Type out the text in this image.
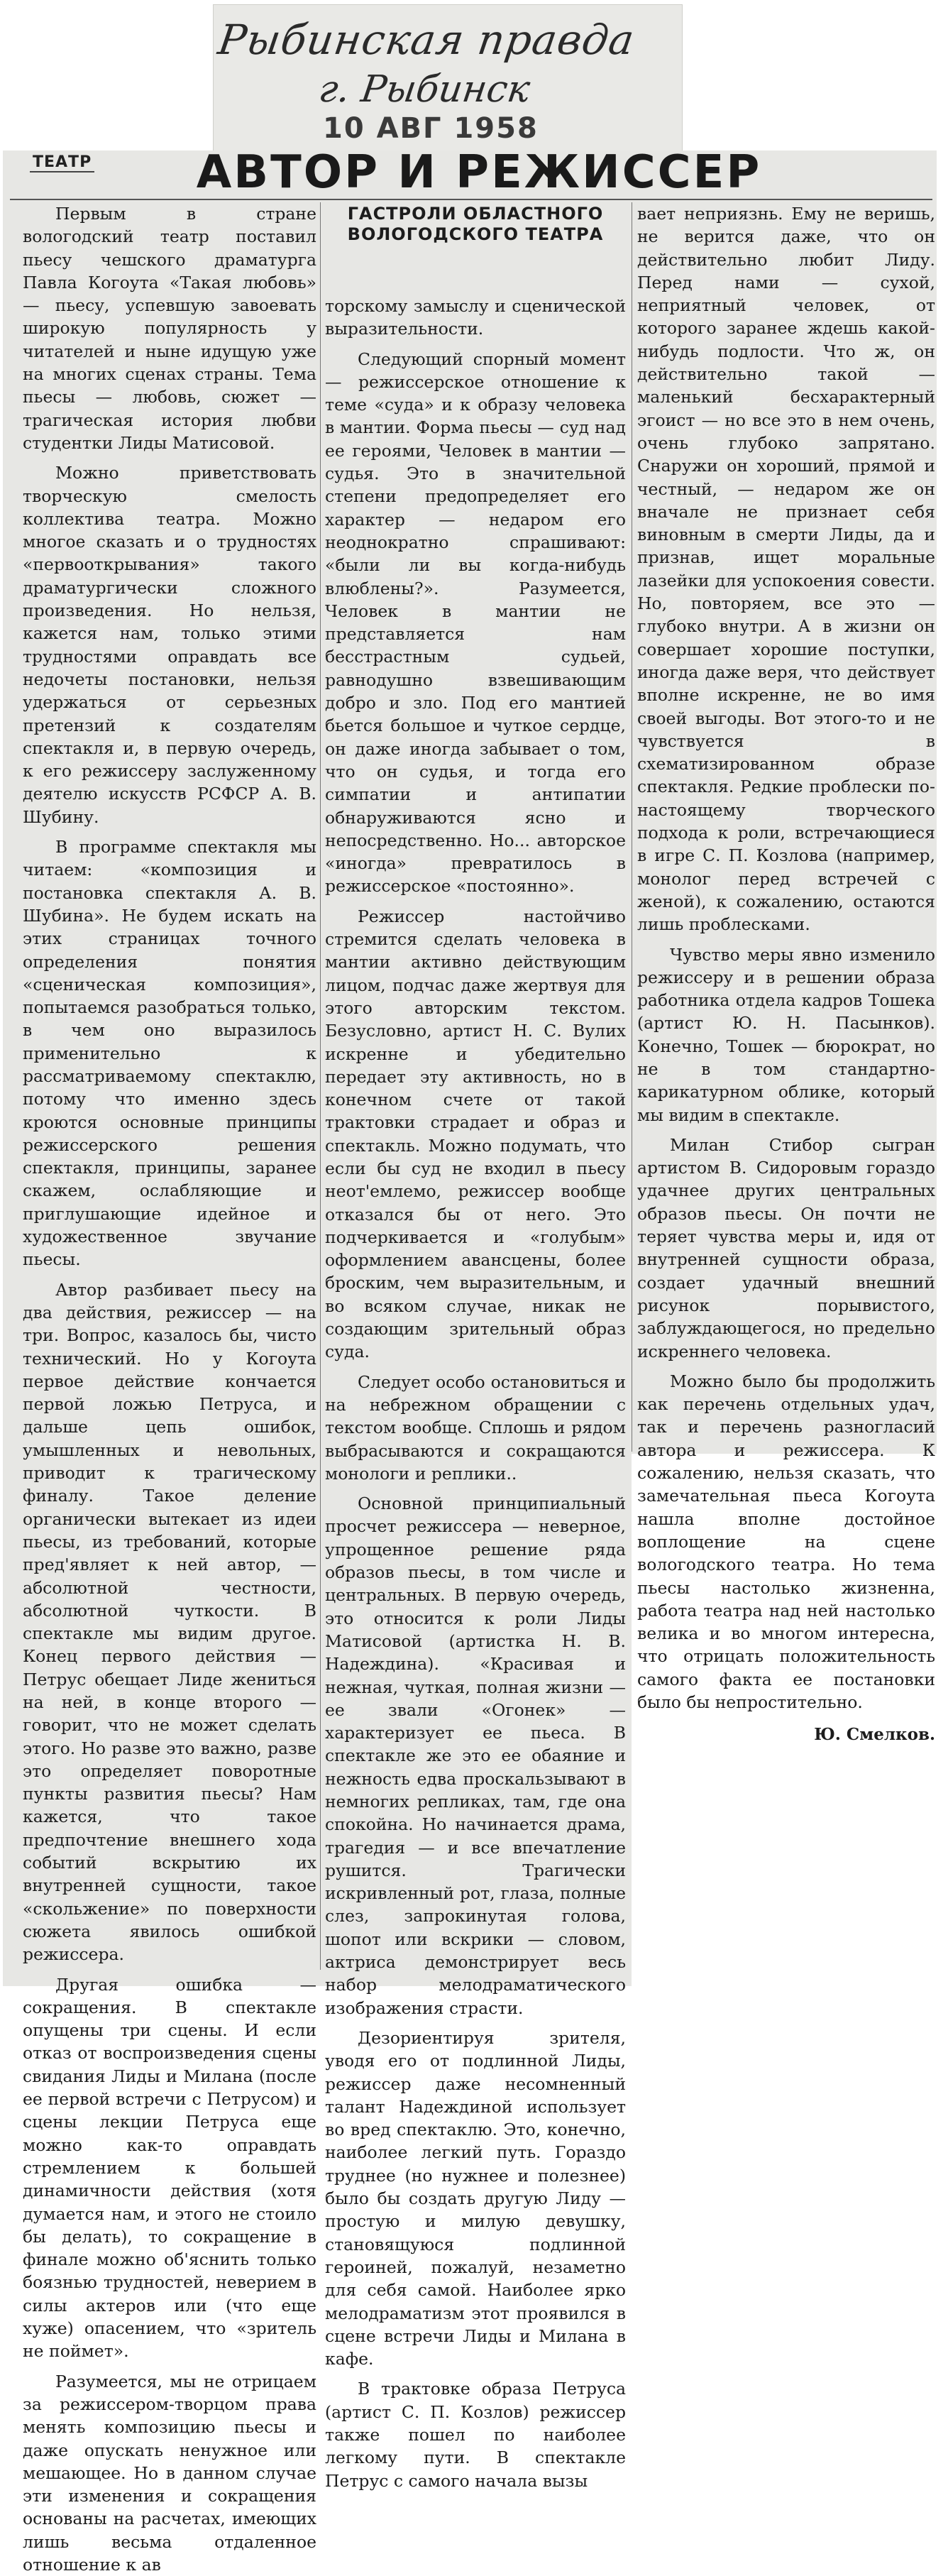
Рыбинская правда
г. Рыбинск
10 АВГ 1958
ТЕАТР АВТОР И РЕЖИССЕР

Первым в стране вологодский театр поставил пьесу чешского драматурга Павла Когоута «Такая любовь» — пьесу, успевшую завоевать широкую популярность у читателей и ныне идущую уже на многих сценах страны. Тема пьесы — любовь, сюжет — трагическая история любви студентки Лиды Матисовой.

Можно приветствовать творческую смелость коллектива театра. Можно многое сказать и о трудностях «первооткрывания» такого драматургически сложного произведения. Но нельзя, кажется нам, только этими трудностями оправдать все недочеты постановки, нельзя удержаться от серьезных претензий к создателям спектакля и, в первую очередь, к его режиссеру заслуженному деятелю искусств РСФСР А. В. Шубину.

В программе спектакля мы читаем: «композиция и постановка спектакля А. В. Шубина». Не будем искать на этих страницах точного определения понятия «сценическая композиция», попытаемся разобраться только, в чем оно выразилось применительно к рассматриваемому спектаклю, потому что именно здесь кроются основные принципы режиссерского решения спектакля, принципы, заранее скажем, ослабляющие и приглушающие идейное и художественное звучание пьесы.

Автор разбивает пьесу на два действия, режиссер — на три. Вопрос, казалось бы, чисто технический. Но у Когоута первое действие кончается первой ложью Петруса, и дальше цепь ошибок, умышленных и невольных, приводит к трагическому финалу. Такое деление органически вытекает из идеи пьесы, из требований, которые пред'являет к ней автор, — абсолютной честности, абсолютной чуткости. В спектакле мы видим другое. Конец первого действия — Петрус обещает Лиде жениться на ней, в конце второго — говорит, что не может сделать этого. Но разве это важно, разве это определяет поворотные пункты развития пьесы? Нам кажется, что такое предпочтение внешнего хода событий вскрытию их внутренней сущности, такое «скольжение» по поверхности сюжета явилось ошибкой режиссера.

Другая ошибка — сокращения. В спектакле опущены три сцены. И если отказ от воспроизведения сцены свидания Лиды и Милана (после ее первой встречи с Петрусом) и сцены лекции Петруса еще можно как-то оправдать стремлением к большей динамичности действия (хотя думается нам, и этого не стоило бы делать), то сокращение в финале можно об'яснить только боязнью трудностей, неверием в силы актеров или (что еще хуже) опасением, что «зритель не поймет».

Разумеется, мы не отрицаем за режиссером-творцом права менять композицию пьесы и даже опускать ненужное или мешающее. Но в данном случае эти изменения и сокращения основаны на расчетах, имеющих лишь весьма отдаленное отношение к ав

ГАСТРОЛИ ОБЛАСТНОГО
ВОЛОГОДСКОГО ТЕАТРА

торскому замыслу и сценической выразительности.

Следующий спорный момент — режиссерское отношение к теме «суда» и к образу человека в мантии. Форма пьесы — суд над ее героями, Человек в мантии — судья. Это в значительной степени предопределяет его характер — недаром его неоднократно спрашивают: «были ли вы когда-нибудь влюблены?». Разумеется, Человек в мантии не представляется нам бесстрастным судьей, равнодушно взвешивающим добро и зло. Под его мантией бьется большое и чуткое сердце, он даже иногда забывает о том, что он судья, и тогда его симпатии и антипатии обнаруживаются ясно и непосредственно. Но... авторское «иногда» превратилось в режиссерское «постоянно».

Режиссер настойчиво стремится сделать человека в мантии активно действующим лицом, подчас даже жертвуя для этого авторским текстом. Безусловно, артист Н. С. Вулих искренне и убедительно передает эту активность, но в конечном счете от такой трактовки страдает и образ и спектакль. Можно подумать, что если бы суд не входил в пьесу неот'емлемо, режиссер вообще отказался бы от него. Это подчеркивается и «голубым» оформлением авансцены, более броским, чем выразительным, и во всяком случае, никак не создающим зрительный образ суда.

Следует особо остановиться и на небрежном обращении с текстом вообще. Сплошь и рядом выбрасываются и сокращаются монологи и реплики..

Основной принципиальный просчет режиссера — неверное, упрощенное решение ряда образов пьесы, в том числе и центральных. В первую очередь, это относится к роли Лиды Матисовой (артистка Н. В. Надеждина). «Красивая и нежная, чуткая, полная жизни — ее звали «Огонек» — характеризует ее пьеса. В спектакле же это ее обаяние и нежность едва проскальзывают в немногих репликах, там, где она спокойна. Но начинается драма, трагедия — и все впечатление рушится. Трагически искривленный рот, глаза, полные слез, запрокинутая голова, шопот или вскрики — словом, актриса демонстрирует весь набор мелодраматического изображения страсти.

Дезориентируя зрителя, уводя его от подлинной Лиды, режиссер даже несомненный талант Надеждиной использует во вред спектаклю. Это, конечно, наиболее легкий путь. Гораздо труднее (но нужнее и полезнее) было бы создать другую Лиду — простую и милую девушку, становящуюся подлинной героиней, пожалуй, незаметно для себя самой. Наиболее ярко мелодраматизм этот проявился в сцене встречи Лиды и Милана в кафе.

В трактовке образа Петруса (артист С. П. Козлов) режиссер также пошел по наиболее легкому пути. В спектакле Петрус с самого начала вызы

вает неприязнь. Ему не веришь, не верится даже, что он действительно любит Лиду. Перед нами — сухой, неприятный человек, от которого заранее ждешь какой-нибудь подлости. Что ж, он действительно такой — маленький бесхарактерный эгоист — но все это в нем очень, очень глубоко запрятано. Снаружи он хороший, прямой и честный, — недаром же он вначале не признает себя виновным в смерти Лиды, да и признав, ищет моральные лазейки для успокоения совести. Но, повторяем, все это — глубоко внутри. А в жизни он совершает хорошие поступки, иногда даже веря, что действует вполне искренне, не во имя своей выгоды. Вот этого-то и не чувствуется в схематизированном образе спектакля. Редкие проблески по-настоящему творческого подхода к роли, встречающиеся в игре С. П. Козлова (например, монолог перед встречей с женой), к сожалению, остаются лишь проблесками.

Чувство меры явно изменило режиссеру и в решении образа работника отдела кадров Тошека (артист Ю. Н. Пасынков). Конечно, Тошек — бюрократ, но не в том стандартно-карикатурном облике, который мы видим в спектакле.

Милан Стибор сыгран артистом В. Сидоровым гораздо удачнее других центральных образов пьесы. Он почти не теряет чувства меры и, идя от внутренней сущности образа, создает удачный внешний рисунок порывистого, заблуждающегося, но предельно искреннего человека.

Можно было бы продолжить как перечень отдельных удач, так и перечень разногласий автора и режиссера. К сожалению, нельзя сказать, что замечательная пьеса Когоута нашла вполне достойное воплощение на сцене вологодского театра. Но тема пьесы настолько жизненна, работа театра над ней настолько велика и во многом интересна, что отрицать положительность самого факта ее постановки было бы непростительно.

Ю. Смелков.
